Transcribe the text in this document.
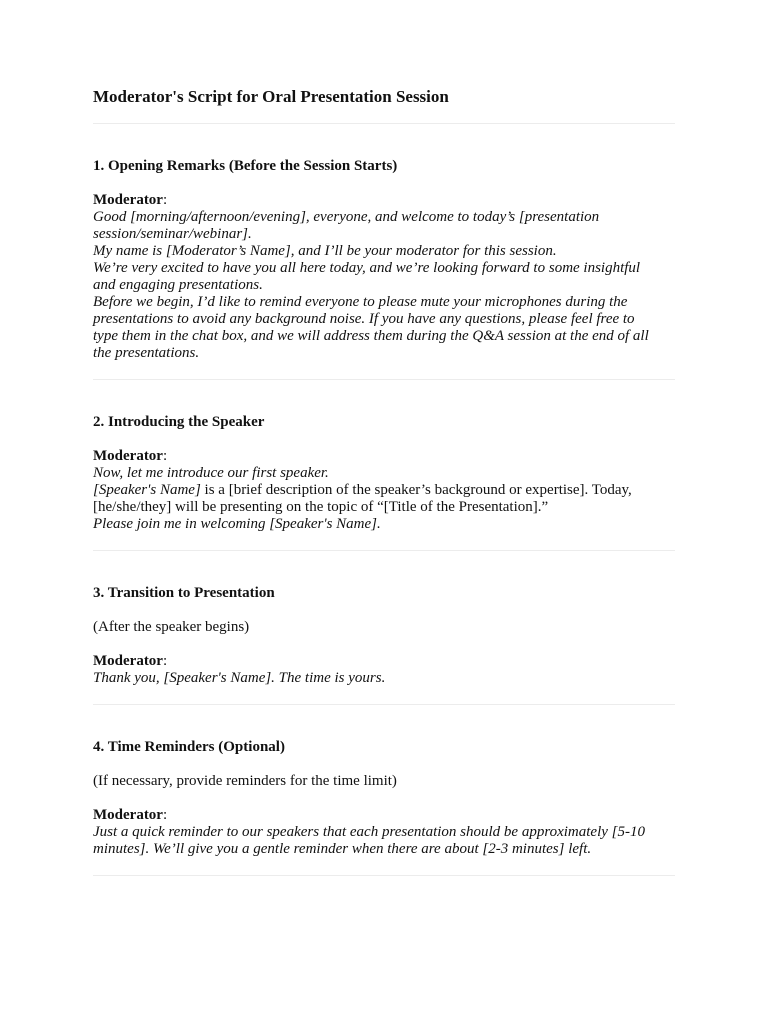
Moderator's Script for Oral Presentation Session

1. Opening Remarks (Before the Session Starts)

Moderator:
Good [morning/afternoon/evening], everyone, and welcome to today’s [presentation
session/seminar/webinar].
My name is [Moderator’s Name], and I’ll be your moderator for this session.
We’re very excited to have you all here today, and we’re looking forward to some insightful
and engaging presentations.
Before we begin, I’d like to remind everyone to please mute your microphones during the
presentations to avoid any background noise. If you have any questions, please feel free to
type them in the chat box, and we will address them during the Q&A session at the end of all
the presentations.

2. Introducing the Speaker

Moderator:
Now, let me introduce our first speaker.
[Speaker's Name] is a [brief description of the speaker’s background or expertise]. Today,
[he/she/they] will be presenting on the topic of “[Title of the Presentation].”
Please join me in welcoming [Speaker's Name].

3. Transition to Presentation

(After the speaker begins)
Moderator:
Thank you, [Speaker's Name]. The time is yours.

4. Time Reminders (Optional)

(If necessary, provide reminders for the time limit)
Moderator:
Just a quick reminder to our speakers that each presentation should be approximately [5-10
minutes]. We’ll give you a gentle reminder when there are about [2-3 minutes] left.
